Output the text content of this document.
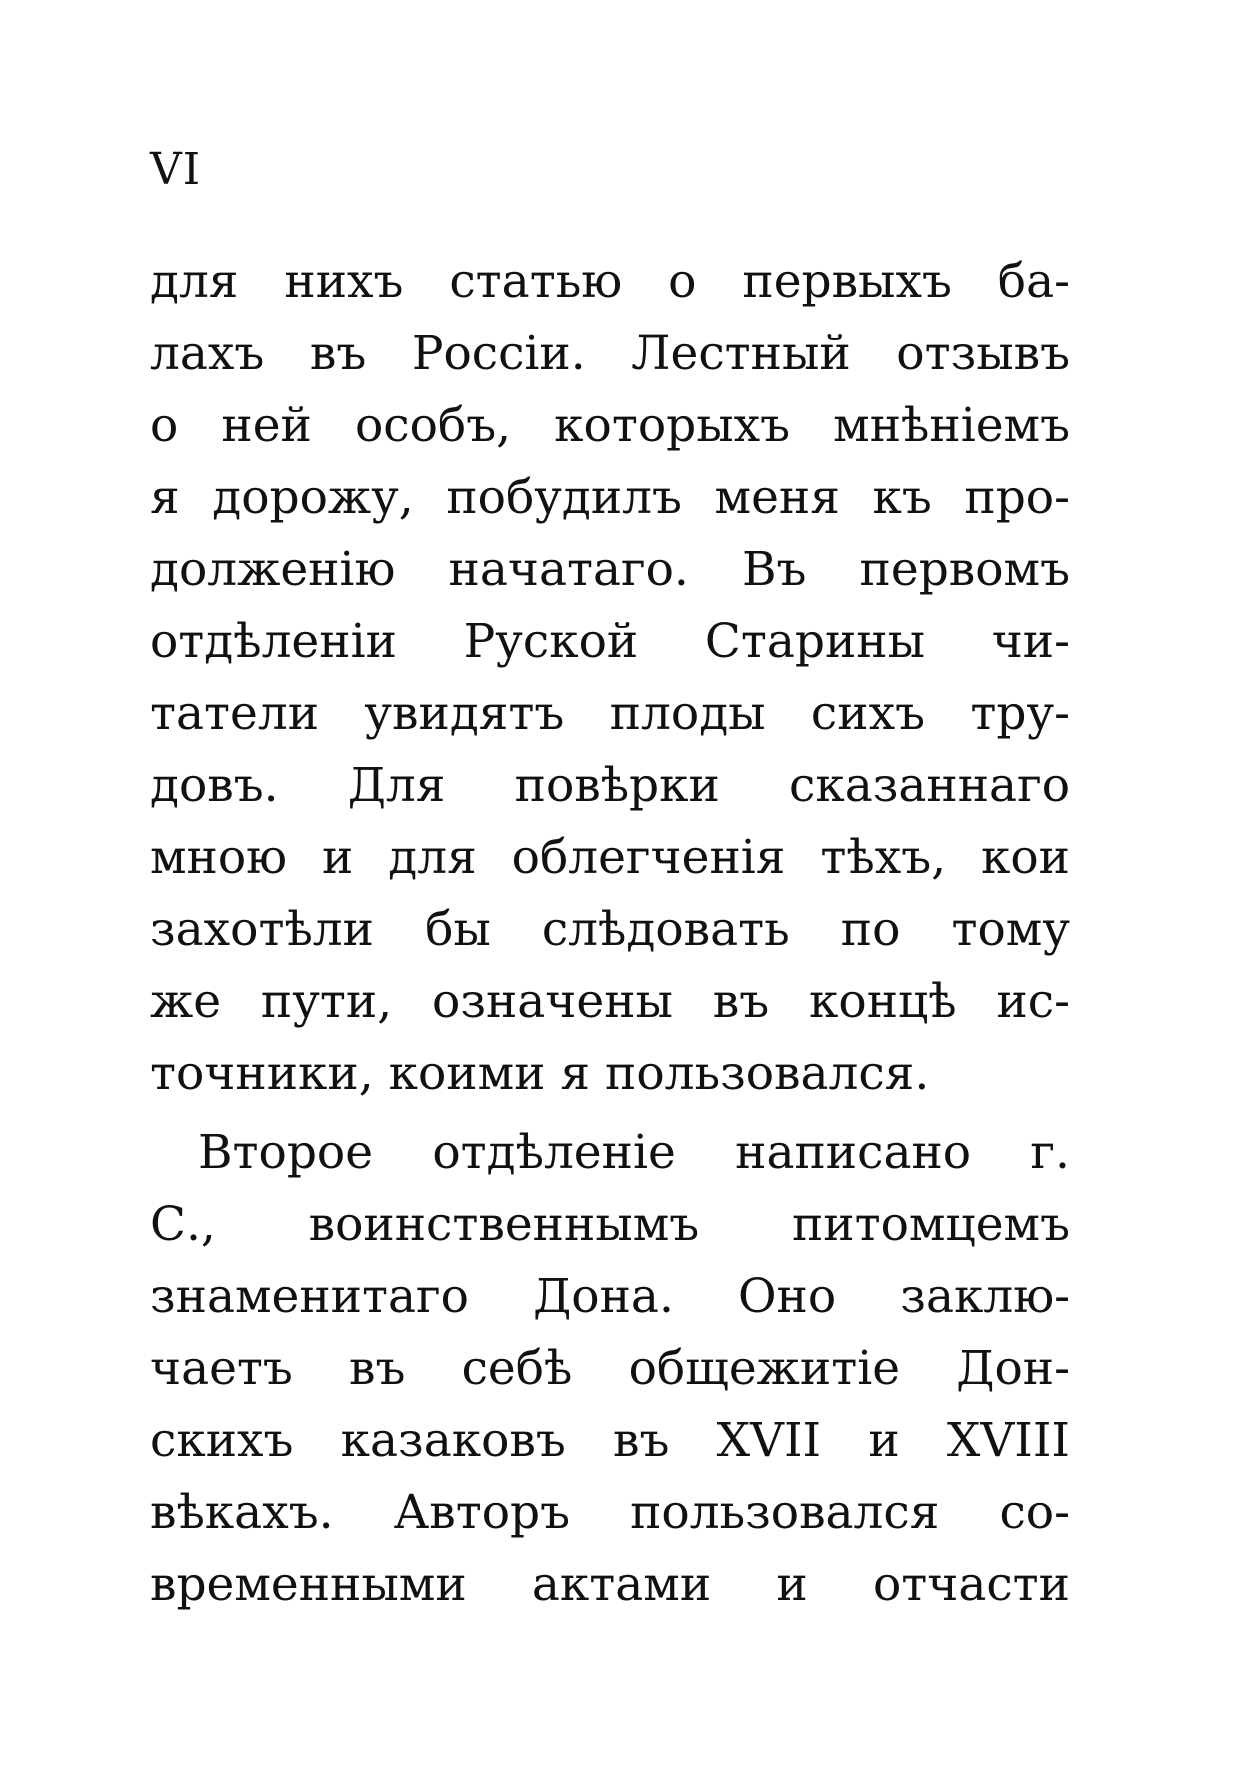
VI
для нихъ статью о первыхъ ба-
лахъ въ Россіи. Лестный отзывъ
о ней особъ, которыхъ мнѣніемъ
я дорожу, побудилъ меня къ про-
долженію начатаго. Въ первомъ
отдѣленіи Руской Старины чи-
татели увидятъ плоды сихъ тру-
довъ. Для повѣрки сказаннаго
мною и для облегченія тѣхъ, кои
захотѣли бы слѣдовать по тому
же пути, означены въ концѣ ис-
точники, коими я пользовался.
Второе отдѣленіе написано г.
С., воинственнымъ питомцемъ
знаменитаго Дона. Оно заклю-
чаетъ въ себѣ общежитіе Дон-
скихъ казаковъ въ XVII и XVIII
вѣкахъ. Авторъ пользовался со-
временными актами и отчасти
